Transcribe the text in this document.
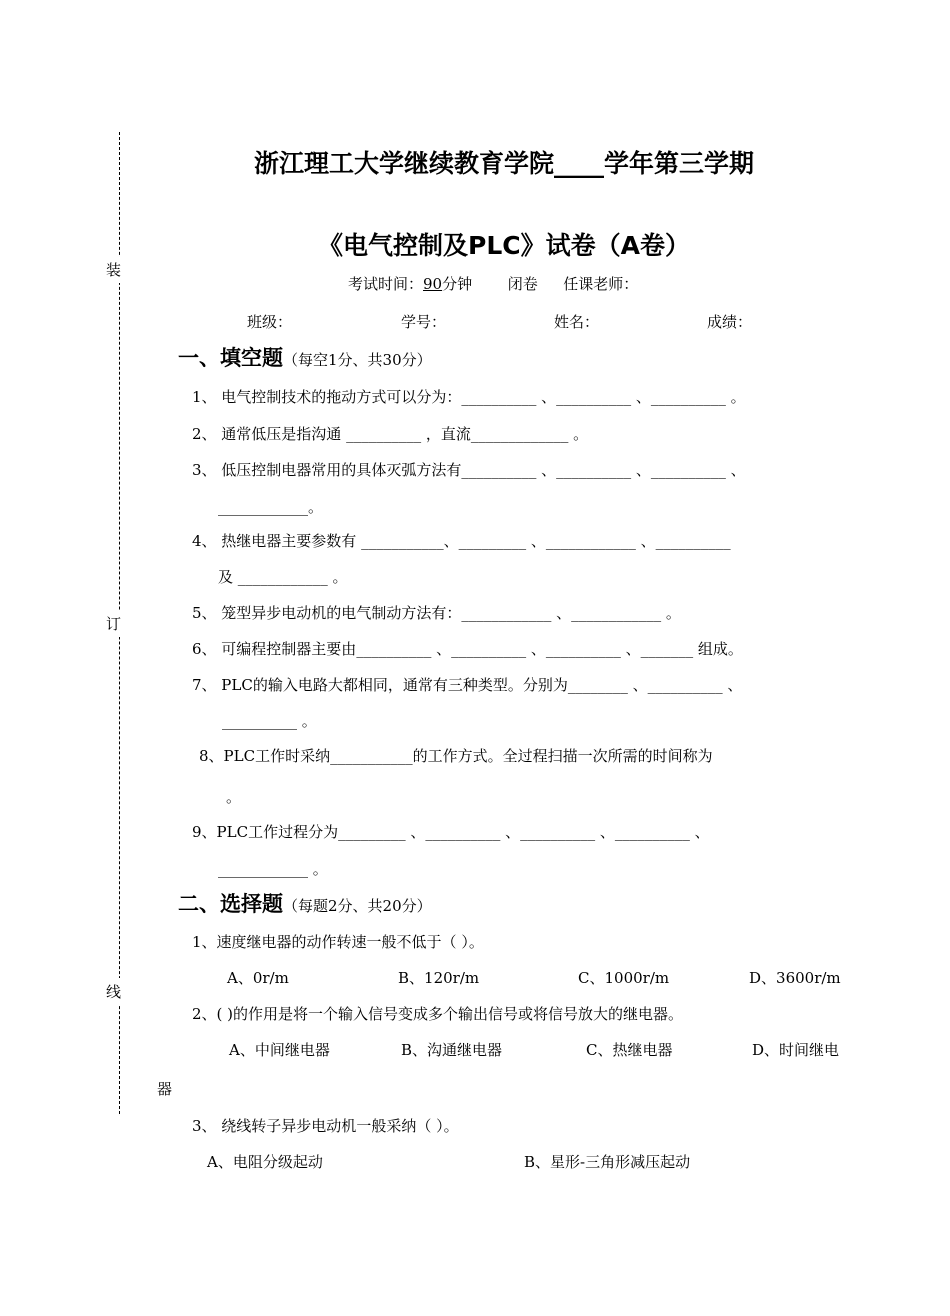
装
订
线
浙江理工大学继续教育学院____学年第三学期
《电气控制及PLC》试卷（A卷）
考试时间：90分钟 闭卷 任课老师：
班级：	学号：	姓名：	成绩：
一、填空题（每空1分、共30分）
1、 电气控制技术的拖动方式可以分为：__________ 、__________ 、__________ 。
2、 通常低压是指沟通 __________ ，直流_____________ 。
3、 低压控制电器常用的具体灭弧方法有__________ 、__________ 、__________ 、
____________。
4、 热继电器主要参数有 ___________、_________ 、____________ 、__________
及 ____________ 。
5、 笼型异步电动机的电气制动方法有：____________ 、____________ 。
6、 可编程控制器主要由__________ 、__________ 、__________ 、_______ 组成。
7、 PLC的输入电路大都相同，通常有三种类型。分别为________ 、__________ 、
__________ 。
8、PLC工作时采纳___________的工作方式。全过程扫描一次所需的时间称为
。
9、PLC工作过程分为_________ 、__________ 、__________ 、__________ 、
____________ 。
二、选择题（每题2分、共20分）
1、速度继电器的动作转速一般不低于（ ）。
A、0r/m	B、120r/m	C、1000r/m	D、3600r/m
2、( )的作用是将一个输入信号变成多个输出信号或将信号放大的继电器。
A、中间继电器	B、沟通继电器	C、热继电器	D、时间继电
器
3、 绕线转子异步电动机一般采纳（ ）。
A、电阻分级起动	B、星形-三角形减压起动
